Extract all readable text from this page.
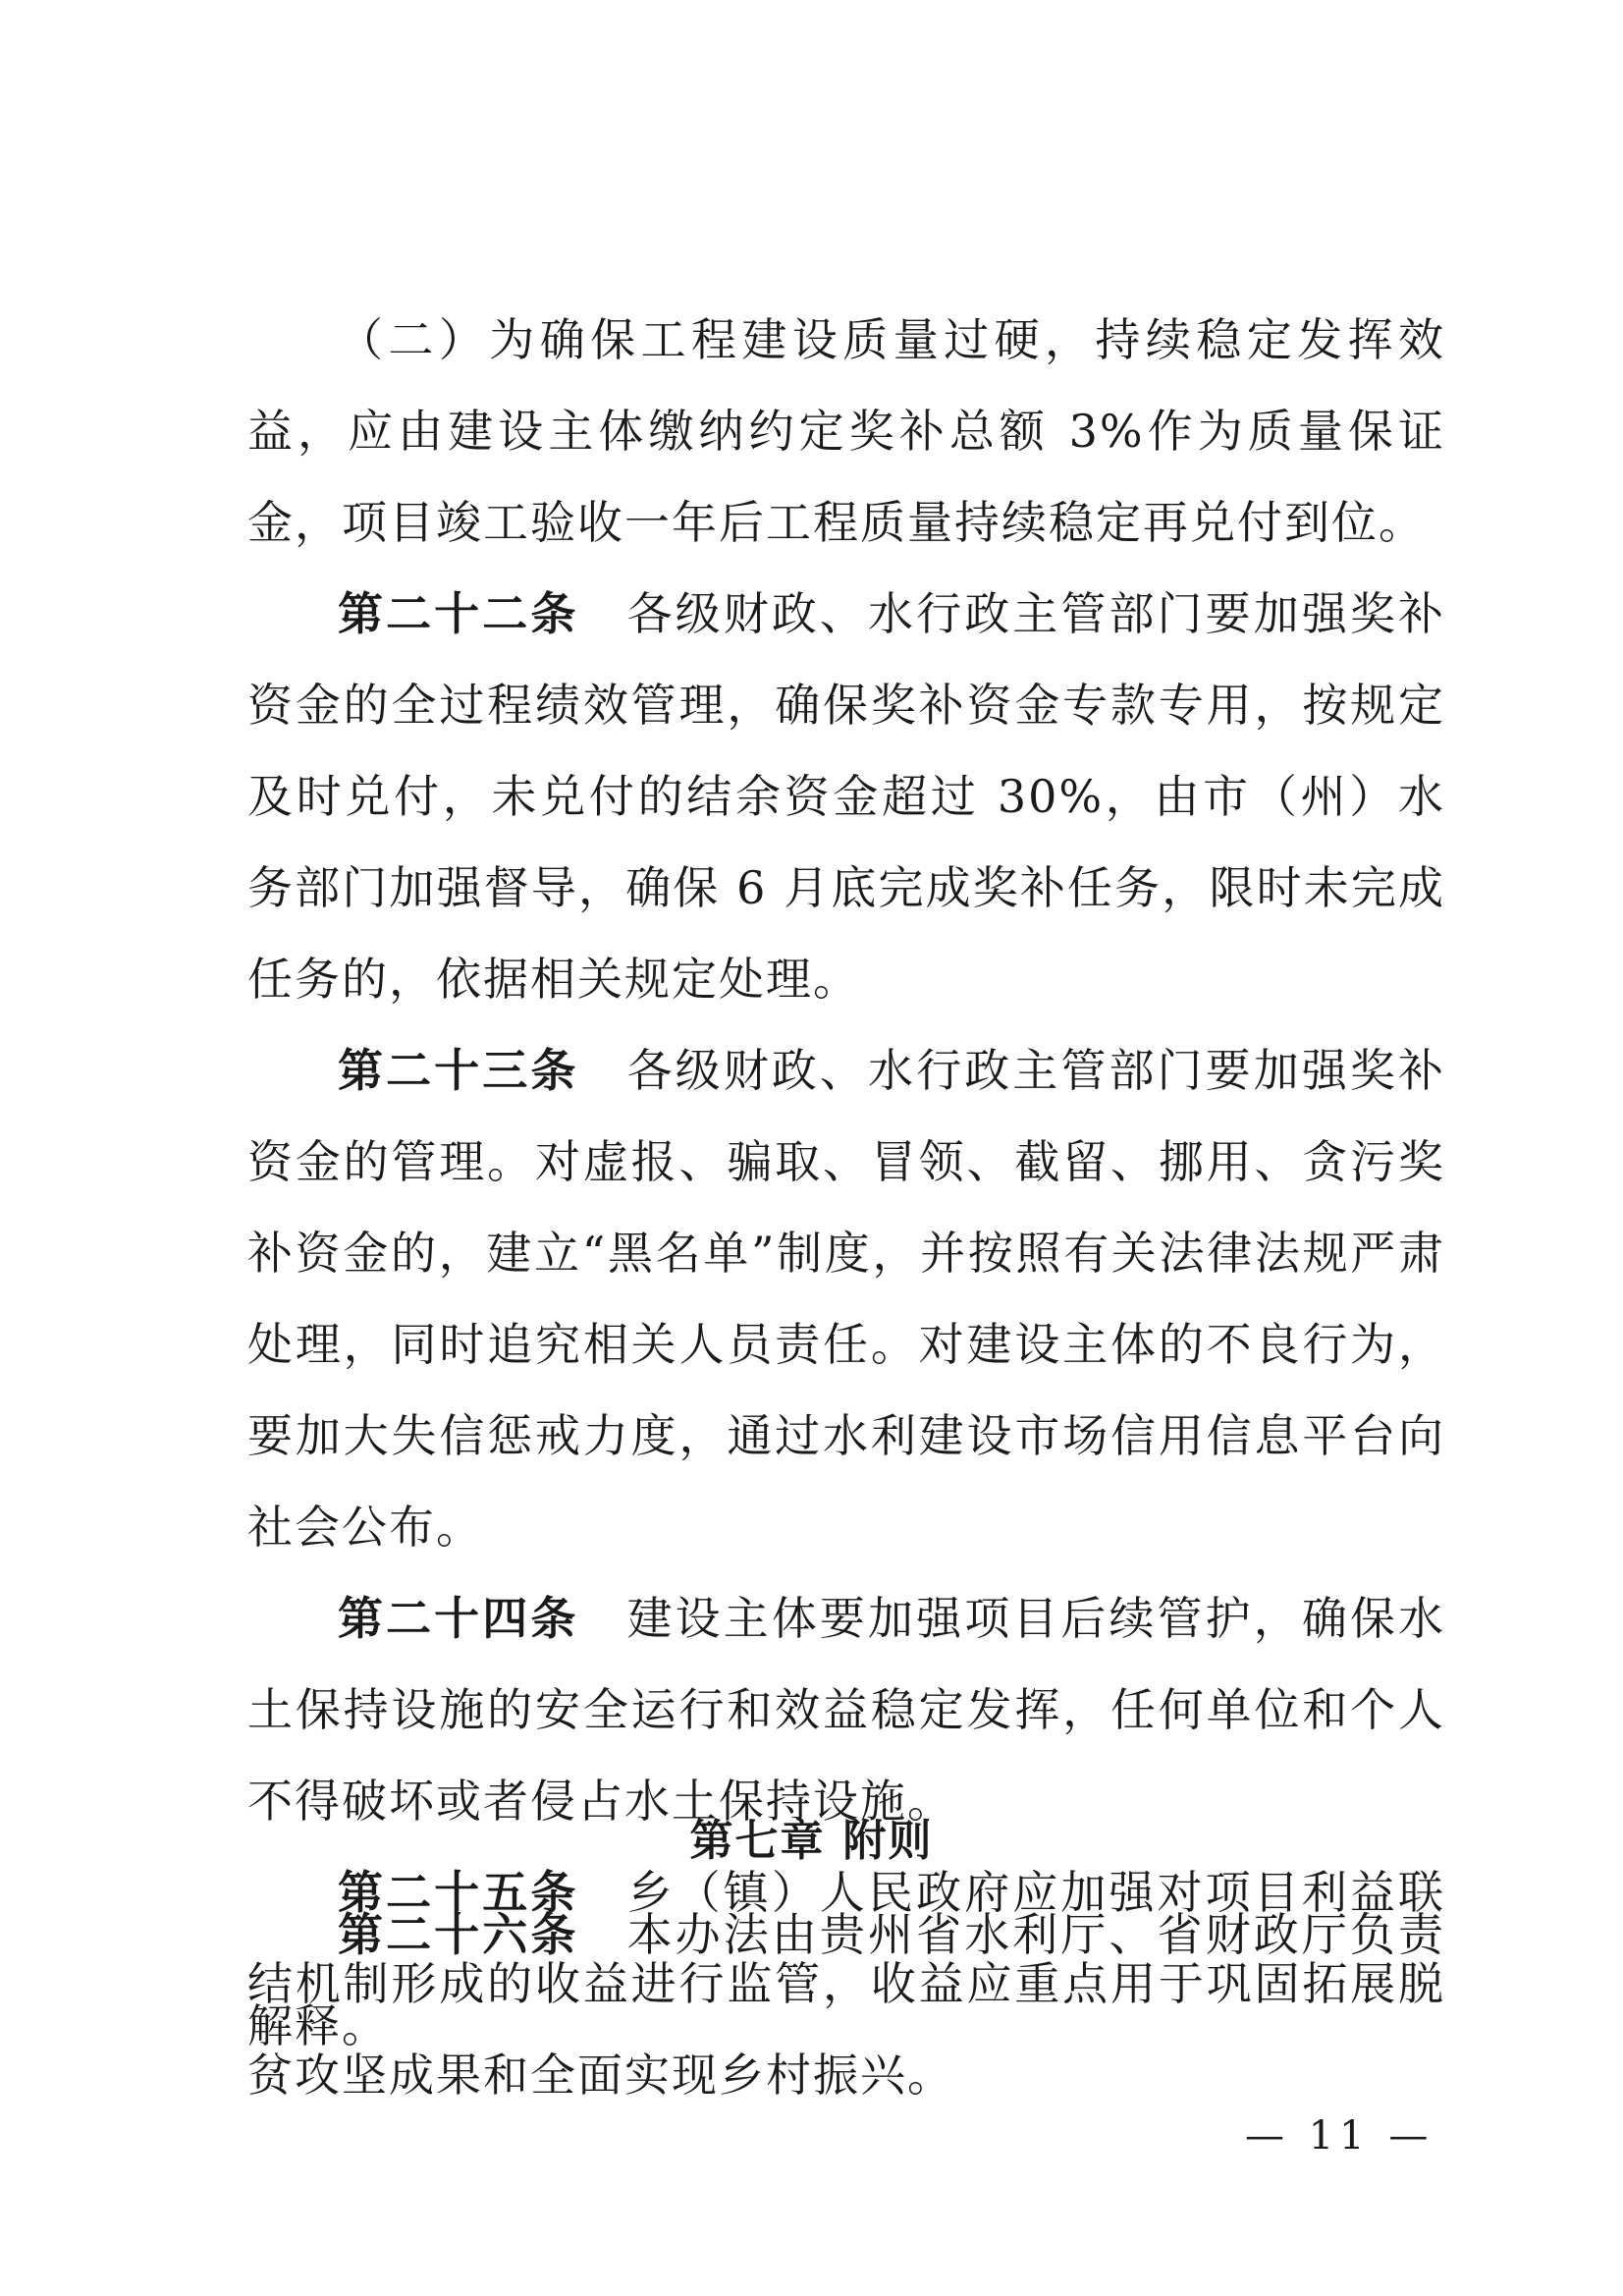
（二）为确保工程建设质量过硬，持续稳定发挥效益，应由建设主体缴纳约定奖补总额 3%作为质量保证金，项目竣工验收一年后工程质量持续稳定再兑付到位。

第二十二条　 各级财政、水行政主管部门要加强奖补资金的全过程绩效管理，确保奖补资金专款专用，按规定及时兑付，未兑付的结余资金超过 30%，由市（州）水务部门加强督导，确保 6 月底完成奖补任务，限时未完成任务的，依据相关规定处理。

第二十三条　 各级财政、水行政主管部门要加强奖补资金的管理。对虚报、骗取、冒领、截留、挪用、贪污奖补资金的，建立“黑名单”制度，并按照有关法律法规严肃处理，同时追究相关人员责任。对建设主体的不良行为，要加大失信惩戒力度，通过水利建设市场信用信息平台向社会公布。

第二十四条　 建设主体要加强项目后续管护，确保水土保持设施的安全运行和效益稳定发挥，任何单位和个人不得破坏或者侵占水土保持设施。

第二十五条　 乡（镇）人民政府应加强对项目利益联结机制形成的收益进行监管，收益应重点用于巩固拓展脱贫攻坚成果和全面实现乡村振兴。

第七章 附则

第二十六条　 本办法由贵州省水利厅、省财政厅负责解释。

— 11 —
